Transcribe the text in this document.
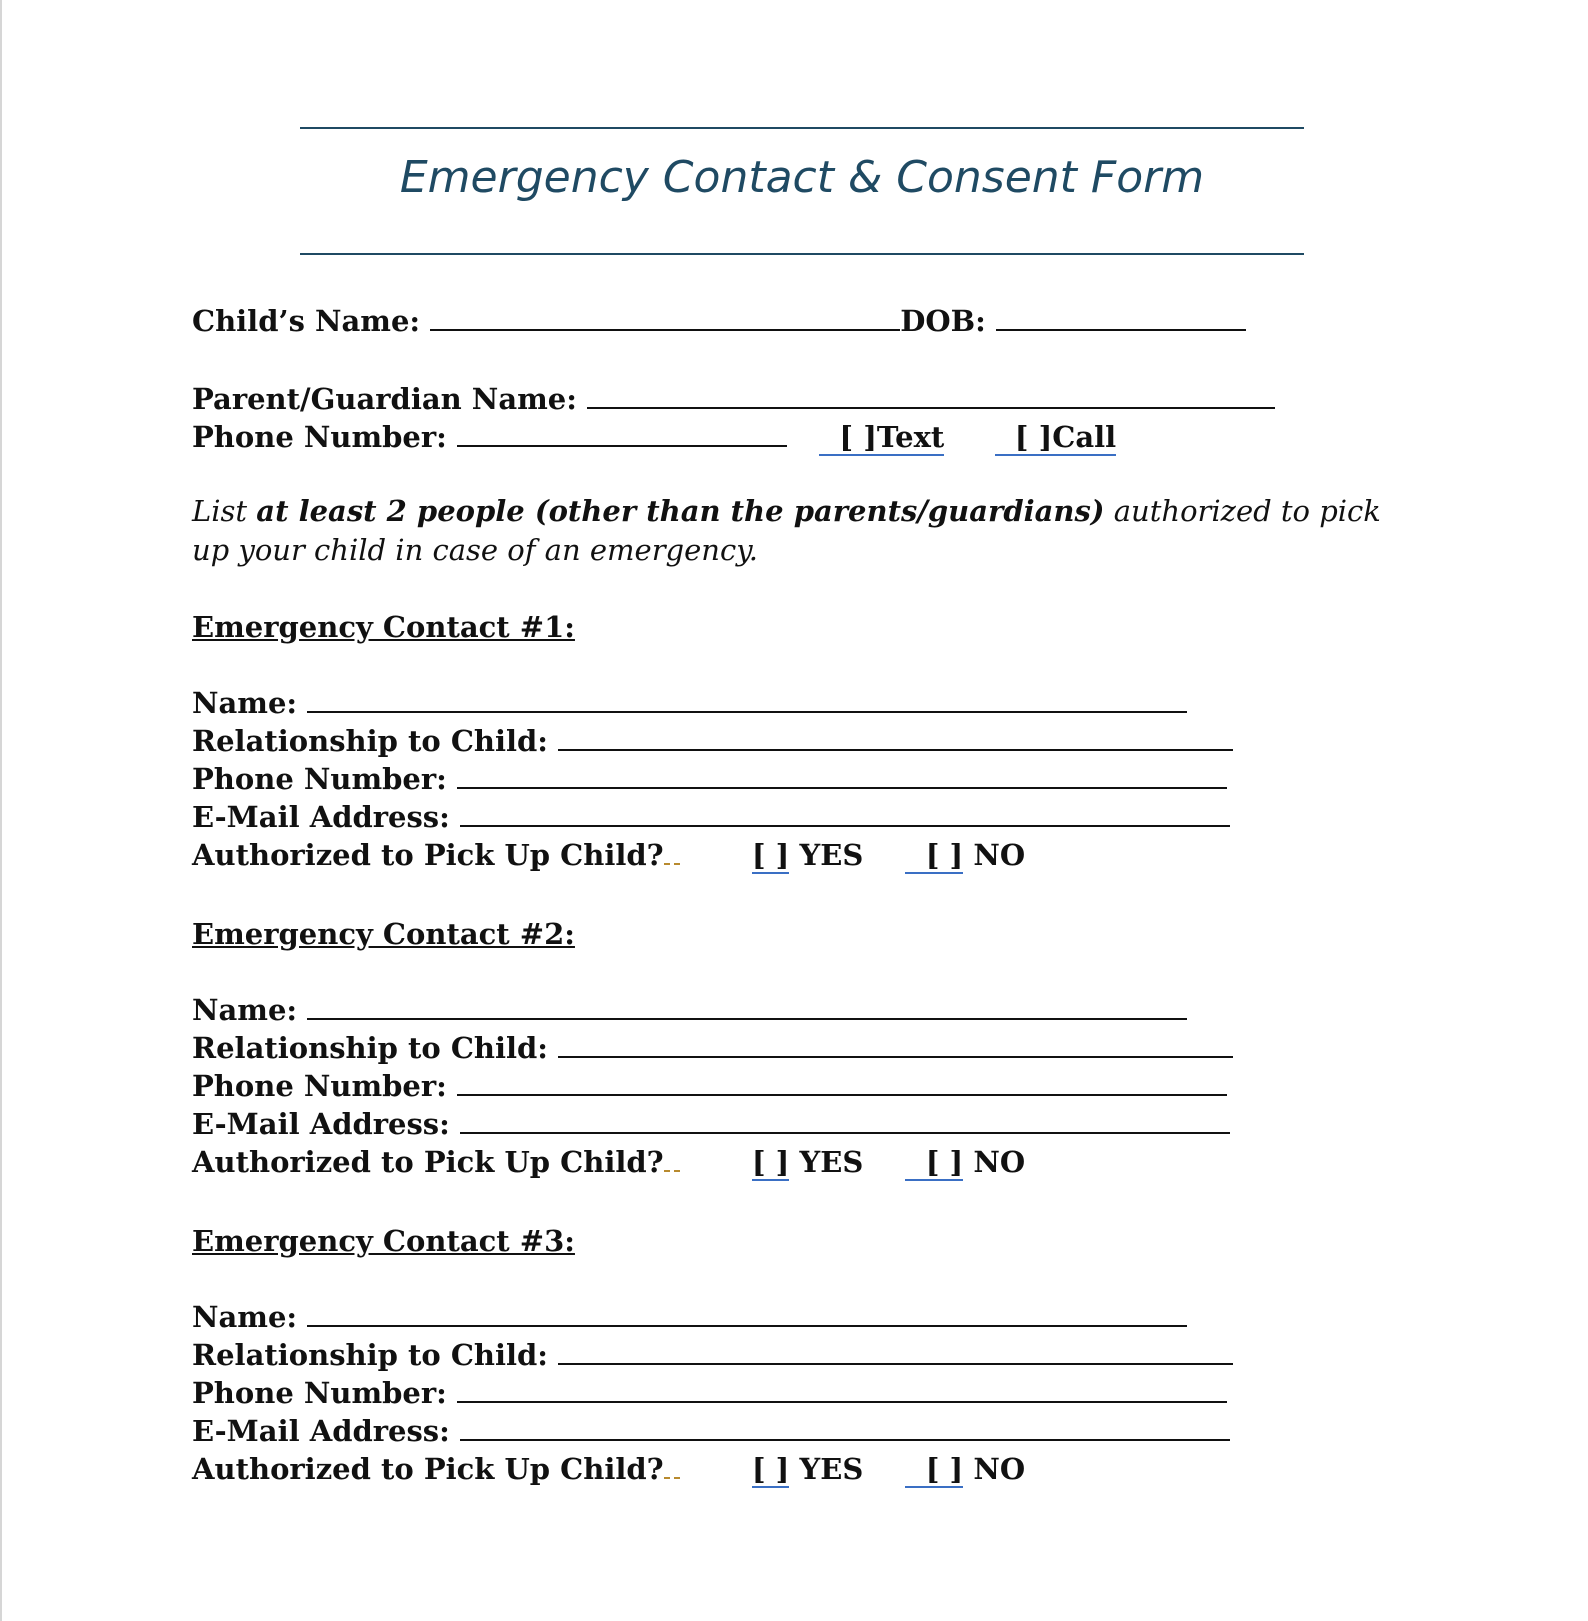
Emergency Contact & Consent Form

Child’s Name:	DOB:

Parent/Guardian Name:

Phone Number:	[ ]Text [ ]Call

List at least 2 people (other than the parents/guardians) authorized to pick up your child in case of an emergency.

Emergency Contact #1:

Name:

Relationship to Child:

Phone Number:

E-Mail Address:

Authorized to Pick Up Child?	[ ] YES [ ] NO

Emergency Contact #2:

Name:

Relationship to Child:

Phone Number:

E-Mail Address:

Authorized to Pick Up Child?	[ ] YES [ ] NO

Emergency Contact #3:

Name:

Relationship to Child:

Phone Number:

E-Mail Address:

Authorized to Pick Up Child?	[ ] YES [ ] NO
